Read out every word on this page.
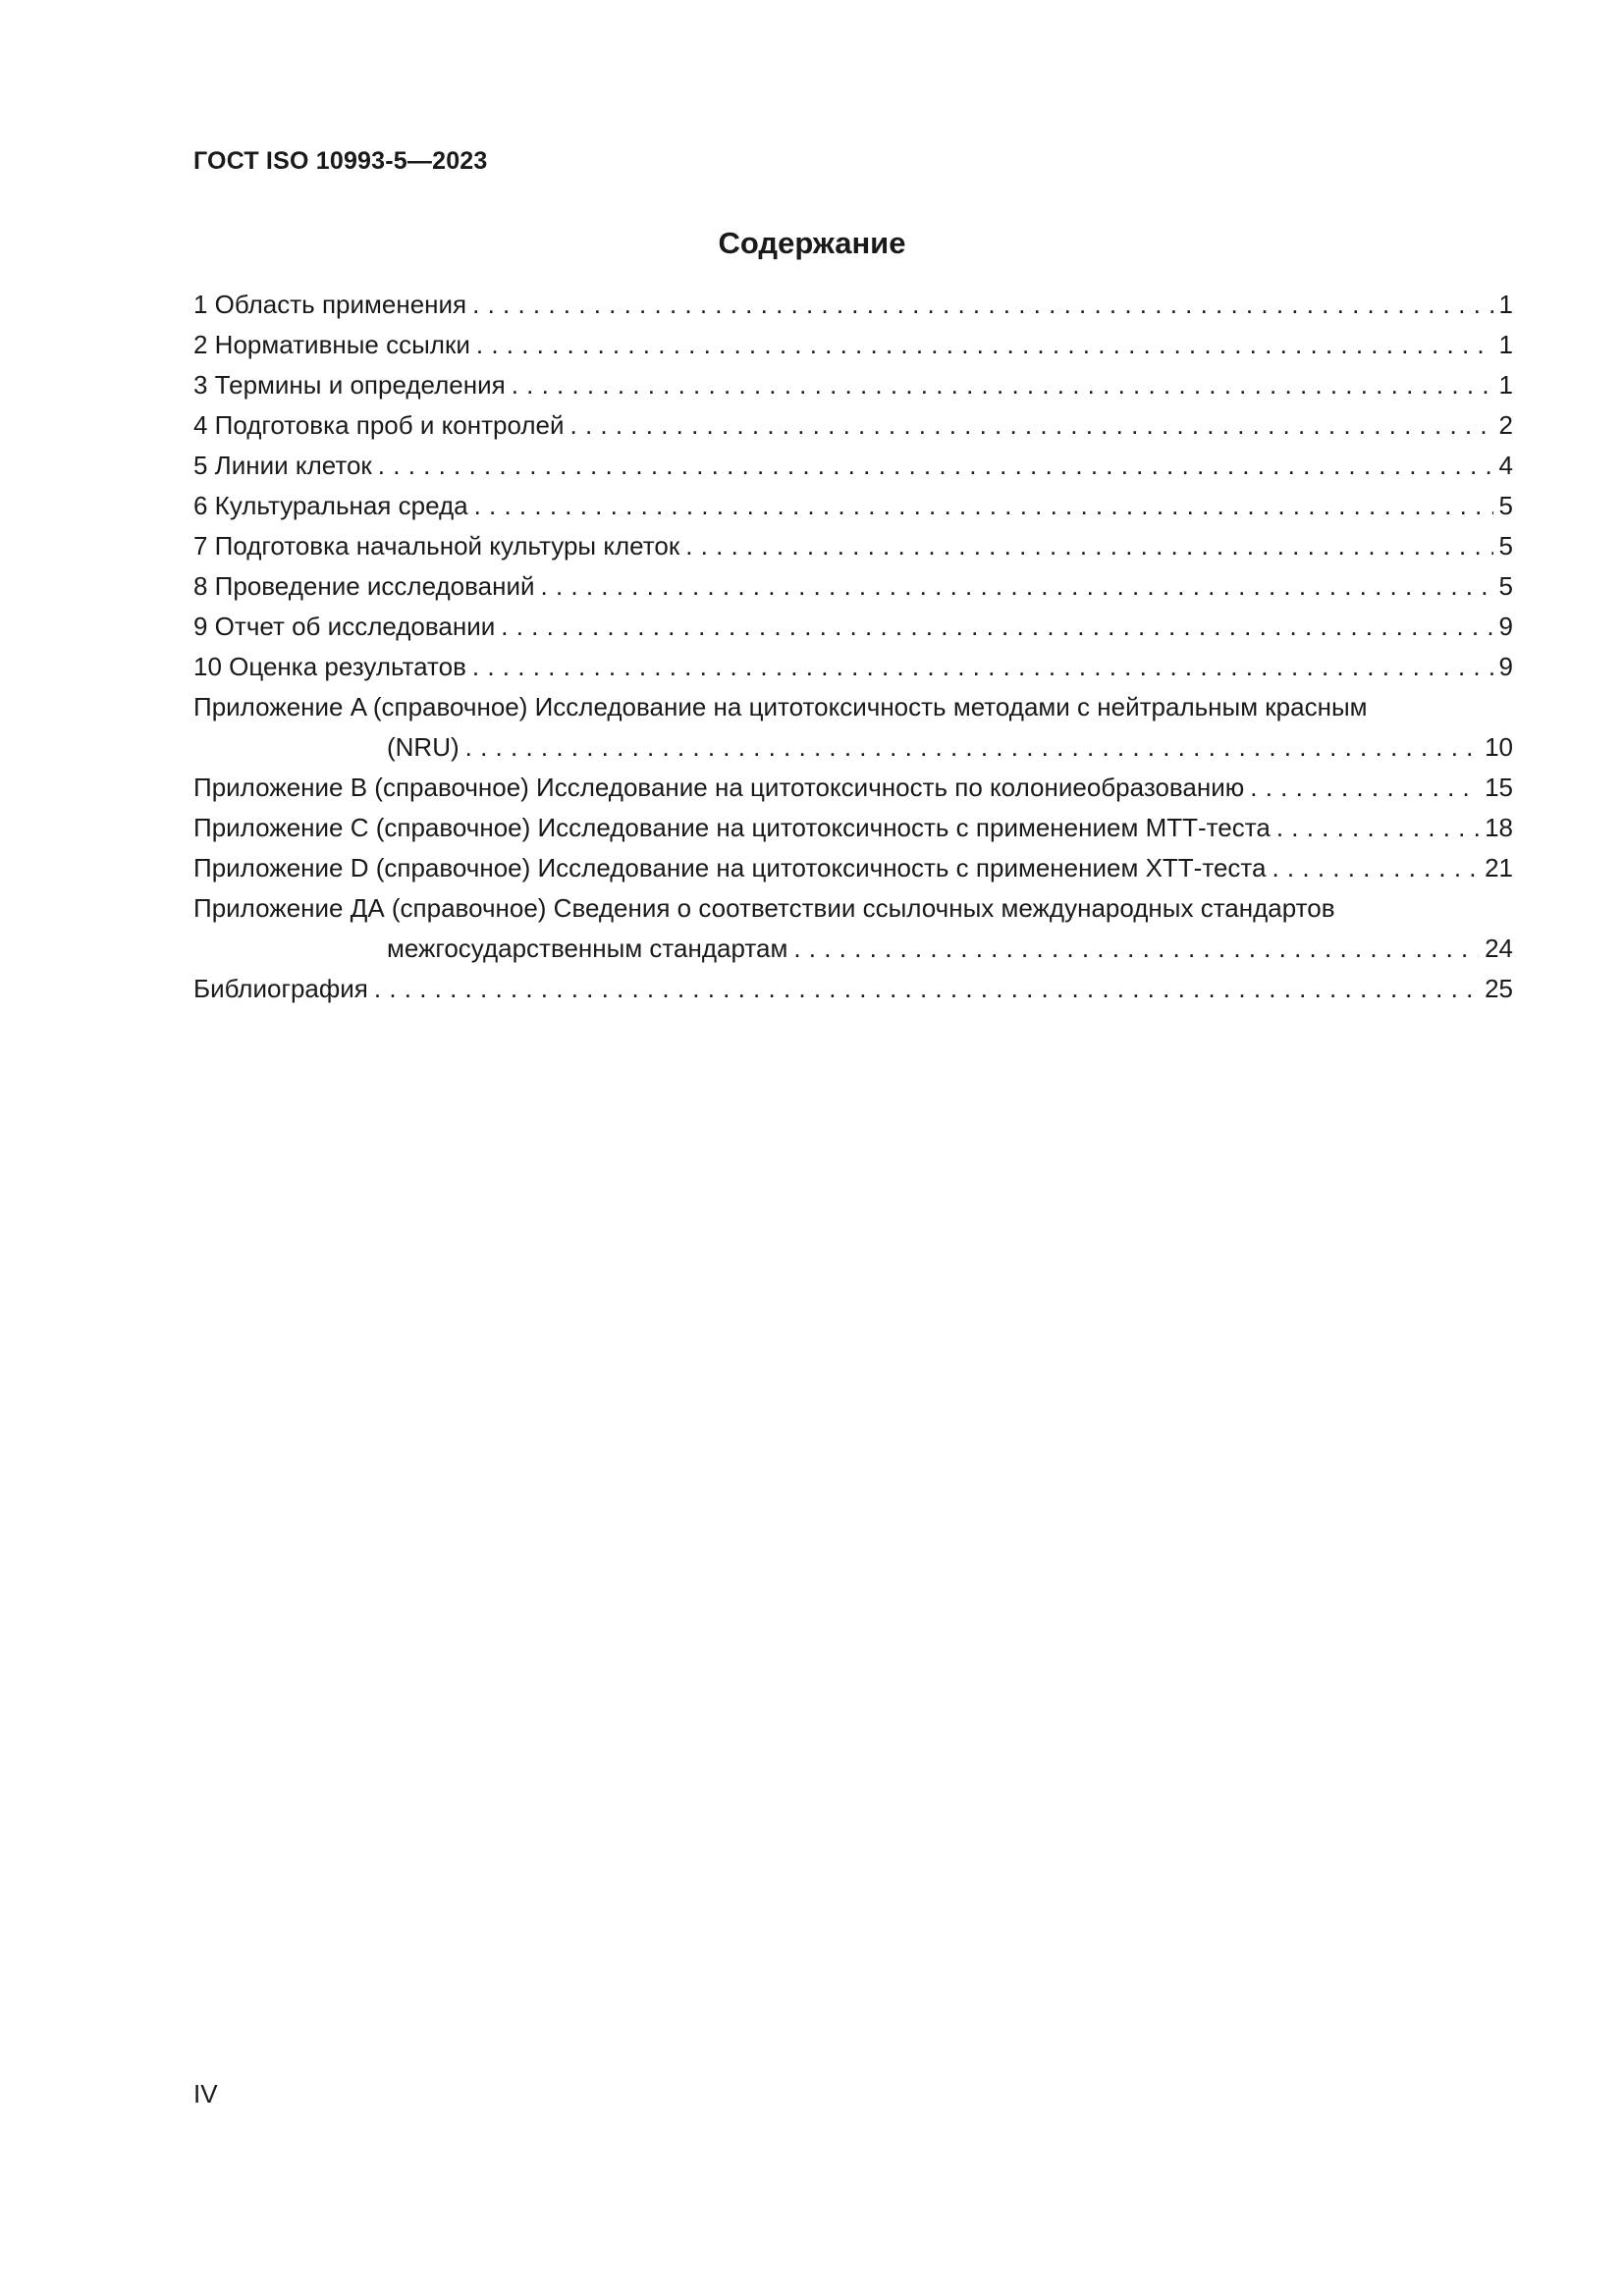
ГОСТ ISO 10993-5—2023
Содержание
1 Область применения . . .	1
2 Нормативные ссылки . . .	1
3 Термины и определения . . .	1
4 Подготовка проб и контролей . . .	2
5 Линии клеток . . .	4
6 Культуральная среда . . .	5
7 Подготовка начальной культуры клеток . . .	5
8 Проведение исследований . . .	5
9 Отчет об исследовании . . .	9
10 Оценка результатов . . .	9
Приложение A (справочное) Исследование на цитотоксичность методами с нейтральным красным
(NRU) . . .	10
Приложение B (справочное) Исследование на цитотоксичность по колониеобразованию . . .	15
Приложение C (справочное) Исследование на цитотоксичность с применением МТТ-теста . . .	18
Приложение D (справочное) Исследование на цитотоксичность с применением ХТТ-теста . . .	21
Приложение ДА (справочное) Сведения о соответствии ссылочных международных стандартов
межгосударственным стандартам . . .	24
Библиография . . .	25
IV
